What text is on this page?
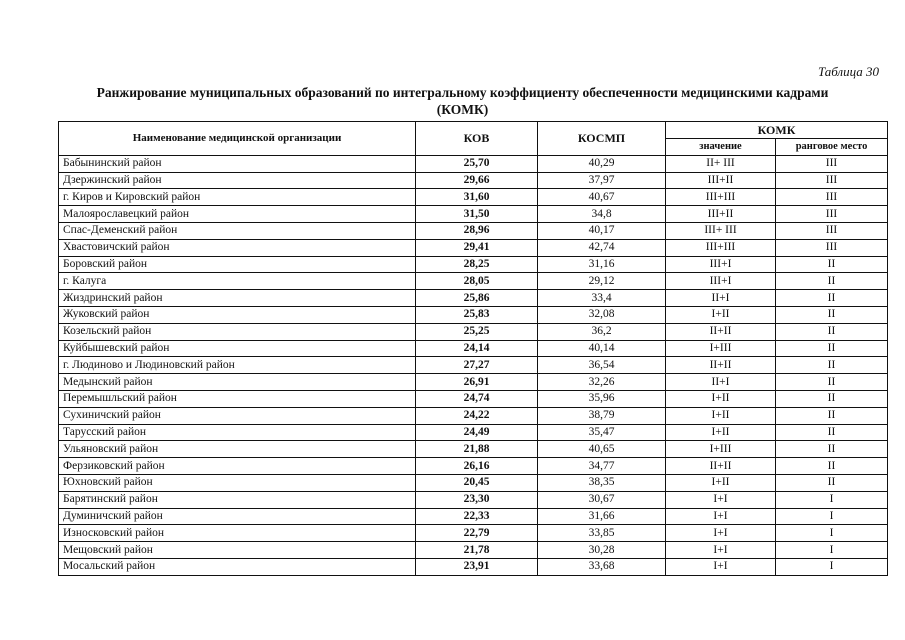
Таблица 30
Ранжирование муниципальных образований по интегральному коэффициенту обеспеченности медицинскими кадрами
(КОМК)
Наименование медицинской организации	КОВ	КОСМП	КОМК	
			значение	ранговое место
Бабынинский район	25,70	40,29	II+ III	III
Дзержинский район	29,66	37,97	III+II	III
г. Киров и Кировский район	31,60	40,67	III+III	III
Малоярославецкий район	31,50	34,8	III+II	III
Спас-Деменский район	28,96	40,17	III+ III	III
Хвастовичский район	29,41	42,74	III+III	III
Боровский район	28,25	31,16	III+I	II
г. Калуга	28,05	29,12	III+I	II
Жиздринский район	25,86	33,4	II+I	II
Жуковский район	25,83	32,08	I+II	II
Козельский район	25,25	36,2	II+II	II
Куйбышевский район	24,14	40,14	I+III	II
г. Людиново и Людиновский район	27,27	36,54	II+II	II
Медынский район	26,91	32,26	II+I	II
Перемышльский район	24,74	35,96	I+II	II
Сухиничский район	24,22	38,79	I+II	II
Тарусский район	24,49	35,47	I+II	II
Ульяновский район	21,88	40,65	I+III	II
Ферзиковский район	26,16	34,77	II+II	II
Юхновский район	20,45	38,35	I+II	II
Барятинский район	23,30	30,67	I+I	I
Думиничский район	22,33	31,66	I+I	I
Износковский район	22,79	33,85	I+I	I
Мещовский район	21,78	30,28	I+I	I
Мосальский район	23,91	33,68	I+I	I
